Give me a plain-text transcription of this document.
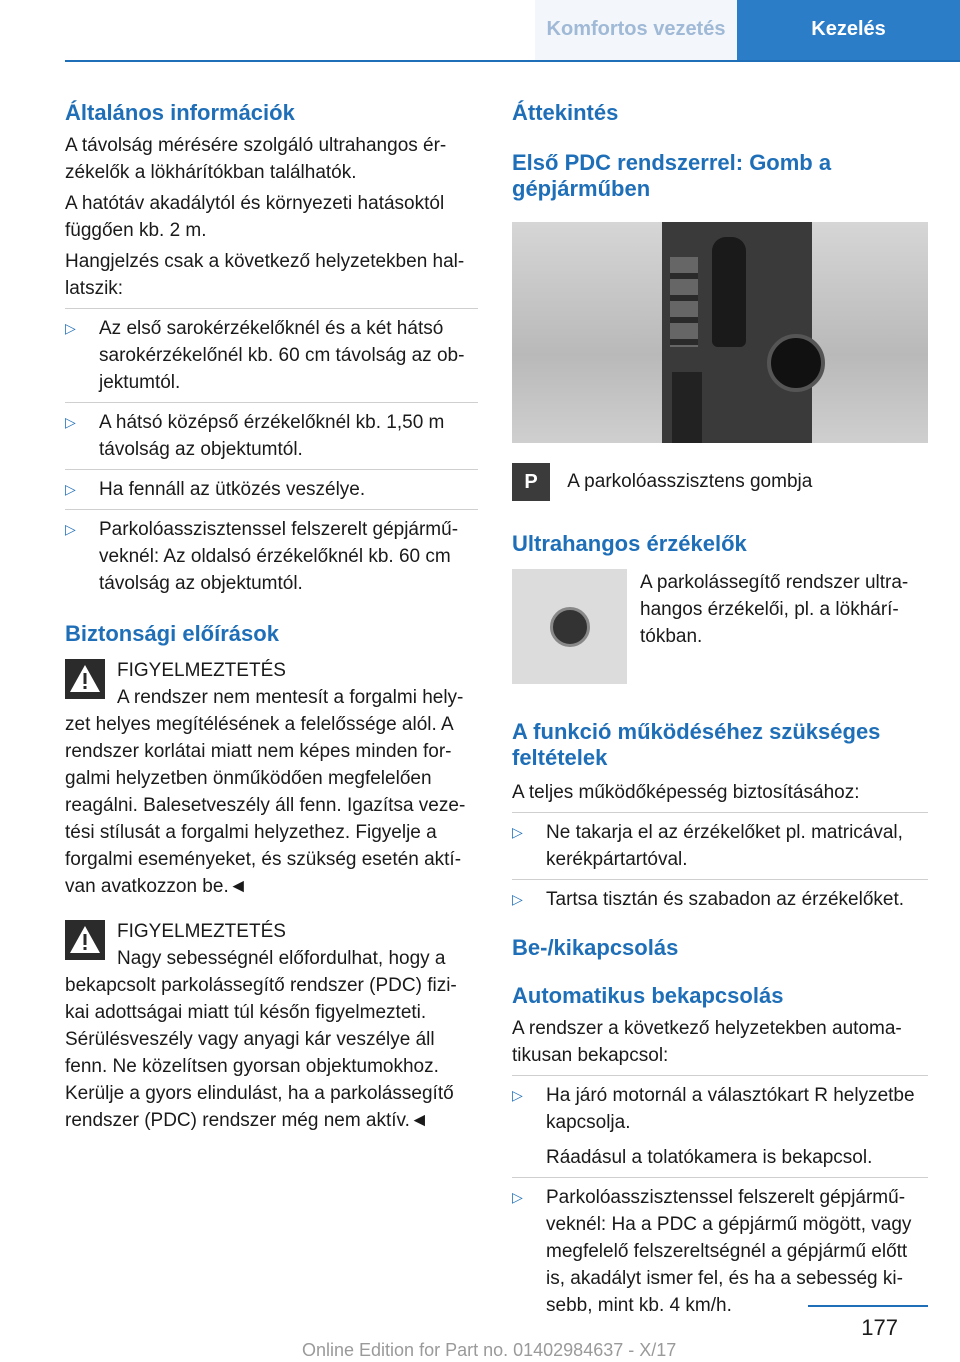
Komfortos vezetés	Kezelés
Általános információk

A távolság mérésére szolgáló ultrahangos ér-zékelők a lökhárítókban találhatók.

A hatótáv akadálytól és környezeti hatásoktól függően kb. 2 m.

Hangjelzés csak a következő helyzetekben hal-latszik:

▷ Az első sarokérzékelőknél és a két hátsó sarokérzékelőnél kb. 60 cm távolság az ob-jektumtól.
▷ A hátsó középső érzékelőknél kb. 1,50 m távolság az objektumtól.
▷ Ha fennáll az ütközés veszélye.
▷ Parkolóasszisztenssel felszerelt gépjármű-veknél: Az oldalsó érzékelőknél kb. 60 cm távolság az objektumtól.
Biztonsági előírások
FIGYELMEZTETÉS

A rendszer nem mentesít a forgalmi hely-zet helyes megítélésének a felelőssége alól. A rendszer korlátai miatt nem képes minden for-galmi helyzetben önműködően megfelelően reagálni. Balesetveszély áll fenn. Igazítsa veze-tési stílusát a forgalmi helyzethez. Figyelje a forgalmi eseményeket, és szükség esetén aktí-van avatkozzon be.◄

FIGYELMEZTETÉS

Nagy sebességnél előfordulhat, hogy a bekapcsolt parkolássegítő rendszer (PDC) fizi-kai adottságai miatt túl későn figyelmezteti. Sérülésveszély vagy anyagi kár veszélye áll fenn. Ne közelítsen gyorsan objektumokhoz. Kerülje a gyors elindulást, ha a parkolássegítő rendszer (PDC) rendszer még nem aktív.◄

Áttekintés
Első PDC rendszerrel: Gomb a gépjárműben
P A parkolóasszisztens gombja
Ultrahangos érzékelők

A parkolássegítő rendszer ultra-hangos érzékelői, pl. a lökhárí-tókban.

A funkció működéséhez szükséges feltételek

A teljes működőképesség biztosításához:

▷ Ne takarja el az érzékelőket pl. matricával, kerékpártartóval.
▷ Tartsa tisztán és szabadon az érzékelőket.
Be-/kikapcsolás
Automatikus bekapcsolás

A rendszer a következő helyzetekben automa-tikusan bekapcsol:

▷ Ha járó motornál a választókart R helyzetbe kapcsolja.
Ráadásul a tolatókamera is bekapcsol.
▷ Parkolóasszisztenssel felszerelt gépjármű-veknél: Ha a PDC a gépjármű mögött, vagy megfelelő felszereltségnél a gépjármű előtt is, akadályt ismer fel, és ha a sebesség ki-sebb, mint kb. 4 km/h.
177
Online Edition for Part no. 01402984637 - X/17
